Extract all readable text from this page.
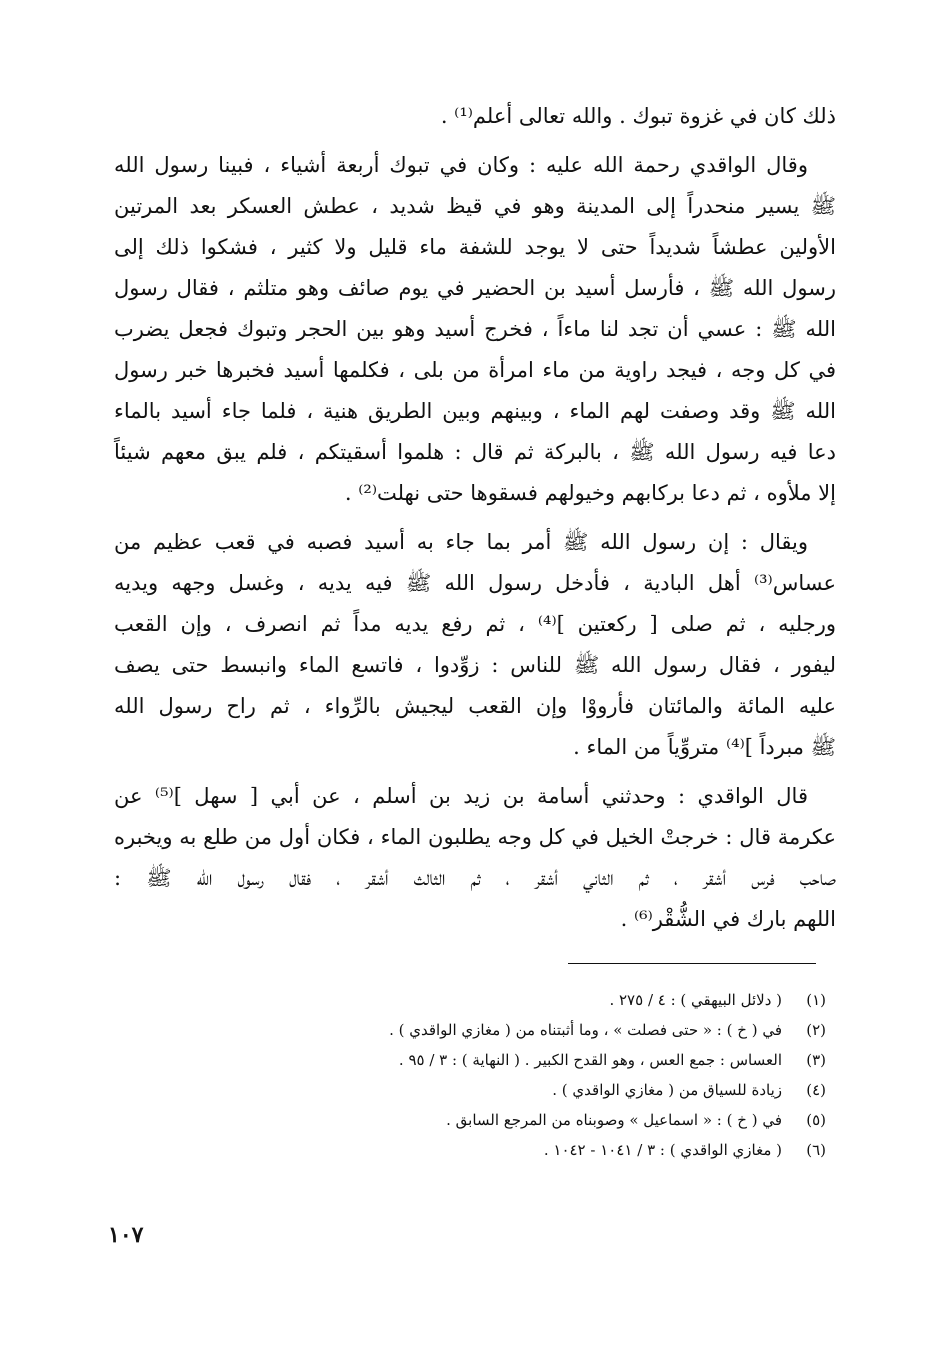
ذلك كان في غزوة تبوك . والله تعالى أعلم⁽¹⁾ .
وقال الواقدي رحمة الله عليه : وكان في تبوك أربعة أشياء ، فبينا رسول الله
ﷺ يسير منحدراً إلى المدينة وهو في قيظ شديد ، عطش العسكر بعد المرتين
الأولين عطشاً شديداً حتى لا يوجد للشفة ماء قليل ولا كثير ، فشكوا ذلك إلى
رسول الله ﷺ ، فأرسل أسيد بن الحضير في يوم صائف وهو متلثم ، فقال رسول
الله ﷺ : عسي أن تجد لنا ماءاً ، فخرج أسيد وهو بين الحجر وتبوك فجعل يضرب
في كل وجه ، فيجد راوية من ماء امرأة من بلى ، فكلمها أسيد فخبرها خبر رسول
الله ﷺ وقد وصفت لهم الماء ، وبينهم وبين الطريق هنية ، فلما جاء أسيد بالماء
دعا فيه رسول الله ﷺ ، بالبركة ثم قال : هلموا أسقيتكم ، فلم يبق معهم شيئاً
إلا ملأوه ، ثم دعا بركابهم وخيولهم فسقوها حتى نهلت⁽²⁾ .
ويقال : إن رسول الله ﷺ أمر بما جاء به أسيد فصبه في قعب عظيم من
عساس⁽³⁾ أهل البادية ، فأدخل رسول الله ﷺ فيه يديه ، وغسل وجهه ويديه
ورجليه ، ثم صلى [ ركعتين ]⁽⁴⁾ ، ثم رفع يديه مداً ثم انصرف ، وإن القعب
ليفور ، فقال رسول الله ﷺ للناس : زوِّدوا ، فاتسع الماء وانبسط حتى يصف
عليه المائة والمائتان فأرووْا وإن القعب ليجيش بالرِّواء ، ثم راح رسول الله
ﷺ مبرداً ]⁽⁴⁾ متروِّياً من الماء .
قال الواقدي : وحدثني أسامة بن زيد بن أسلم ، عن أبي [ سهل ]⁽⁵⁾ عن
عكرمة قال : خرجتْ الخيل في كل وجه يطلبون الماء ، فكان أول من طلع به ويخبره
صاحب فرس أشقر ، ثم الثاني أشقر ، ثم الثالث أشقر ، فقال رسول الله ﷺ :
اللهم بارك في الشُّقْر⁽⁶⁾ .
(١)( دلائل البيهقي ) : ٤ / ٢٧٥ .
(٢)في ( خ ) : « حتى فصلت » ، وما أثبتناه من ( مغازي الواقدي ) .
(٣)العساس : جمع العس ، وهو القدح الكبير . ( النهاية ) : ٣ / ٩٥ .
(٤)زيادة للسياق من ( مغازي الواقدي ) .
(٥)في ( خ ) : « اسماعيل » وصوبناه من المرجع السابق .
(٦)( مغازي الواقدي ) : ٣ / ١٠٤١ - ١٠٤٢ .
١٠٧
